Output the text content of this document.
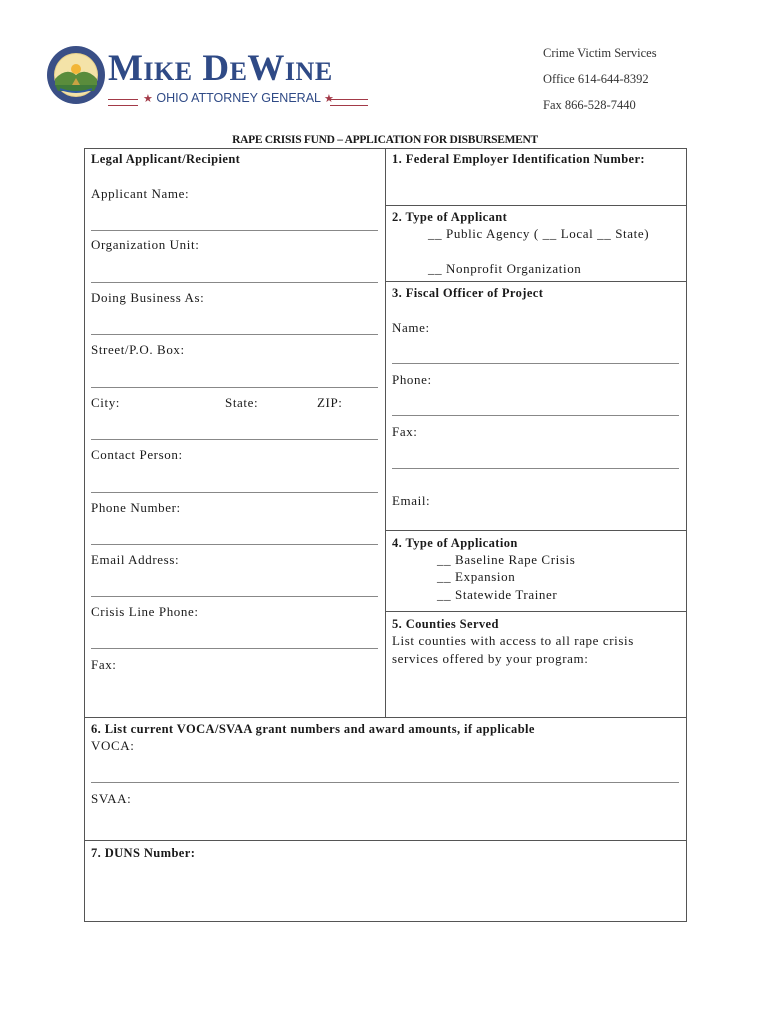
Mike DeWine
★ OHIO ATTORNEY GENERAL ★
Crime Victim Services
Office 614-644-8392
Fax 866-528-7440
RAPE CRISIS FUND – APPLICATION FOR DISBURSEMENT
Legal Applicant/Recipient
Applicant Name:
Organization Unit:
Doing Business As:
Street/P.O. Box:
City:	State:	ZIP:
Contact Person:
Phone Number:
Email Address:
Crisis Line Phone:
Fax:
1. Federal Employer Identification Number:
2. Type of Applicant
__ Public Agency ( __ Local __ State)
__ Nonprofit Organization
3. Fiscal Officer of Project
Name:
Phone:
Fax:
Email:
4. Type of Application
__ Baseline Rape Crisis
__ Expansion
__ Statewide Trainer
5. Counties Served
List counties with access to all rape crisis
services offered by your program:
6. List current VOCA/SVAA grant numbers and award amounts, if applicable
VOCA:
SVAA:
7. DUNS Number:
